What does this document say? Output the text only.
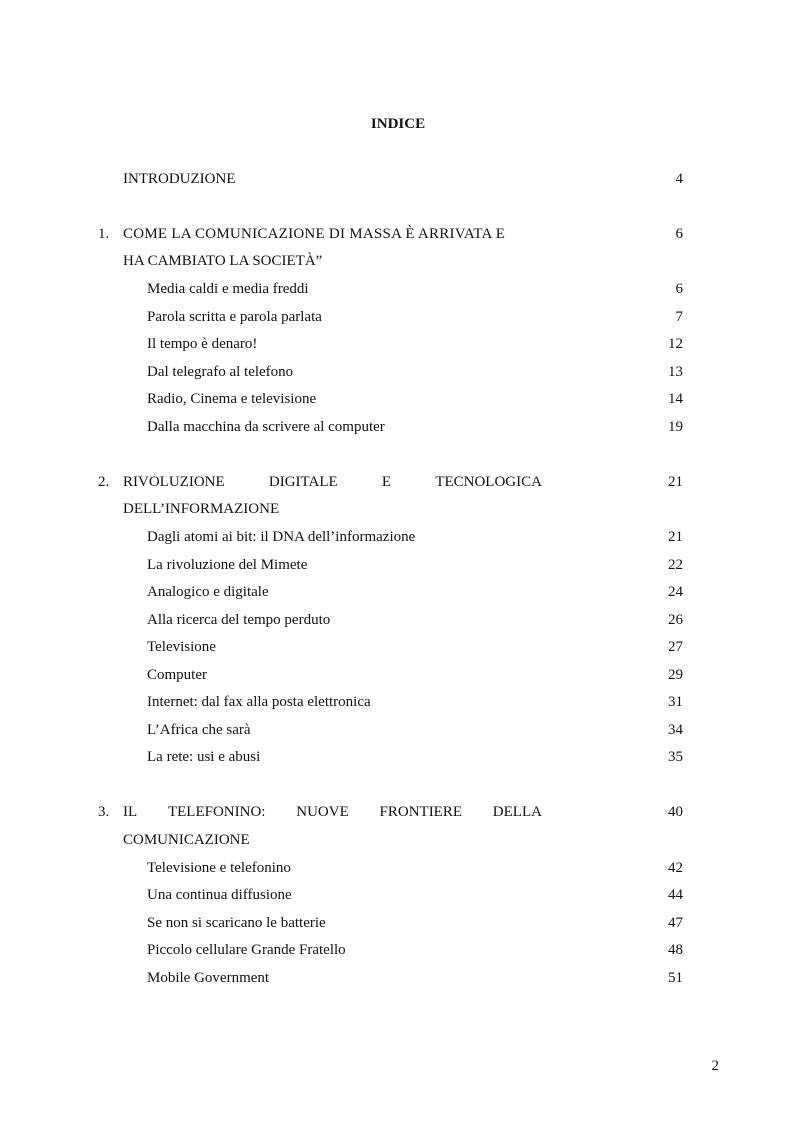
INDICE
INTRODUZIONE	4
1. COME LA COMUNICAZIONE DI MASSA È ARRIVATA E	6
HA CAMBIATO LA SOCIETÀ”
Media caldi e media freddi	6
Parola scritta e parola parlata	7
Il tempo è denaro!	12
Dal telegrafo al telefono	13
Radio, Cinema e televisione	14
Dalla macchina da scrivere al computer	19
2. RIVOLUZIONE	DIGITALE	E	TECNOLOGICA	21
DELL’INFORMAZIONE
Dagli atomi ai bit: il DNA dell’informazione	21
La rivoluzione del Mimete	22
Analogico e digitale	24
Alla ricerca del tempo perduto	26
Televisione	27
Computer	29
Internet: dal fax alla posta elettronica	31
L’Africa che sarà	34
La rete: usi e abusi	35
3. IL TELEFONINO: NUOVE FRONTIERE DELLA	40
COMUNICAZIONE
Televisione e telefonino	42
Una continua diffusione	44
Se non si scaricano le batterie	47
Piccolo cellulare Grande Fratello	48
Mobile Government	51
2
